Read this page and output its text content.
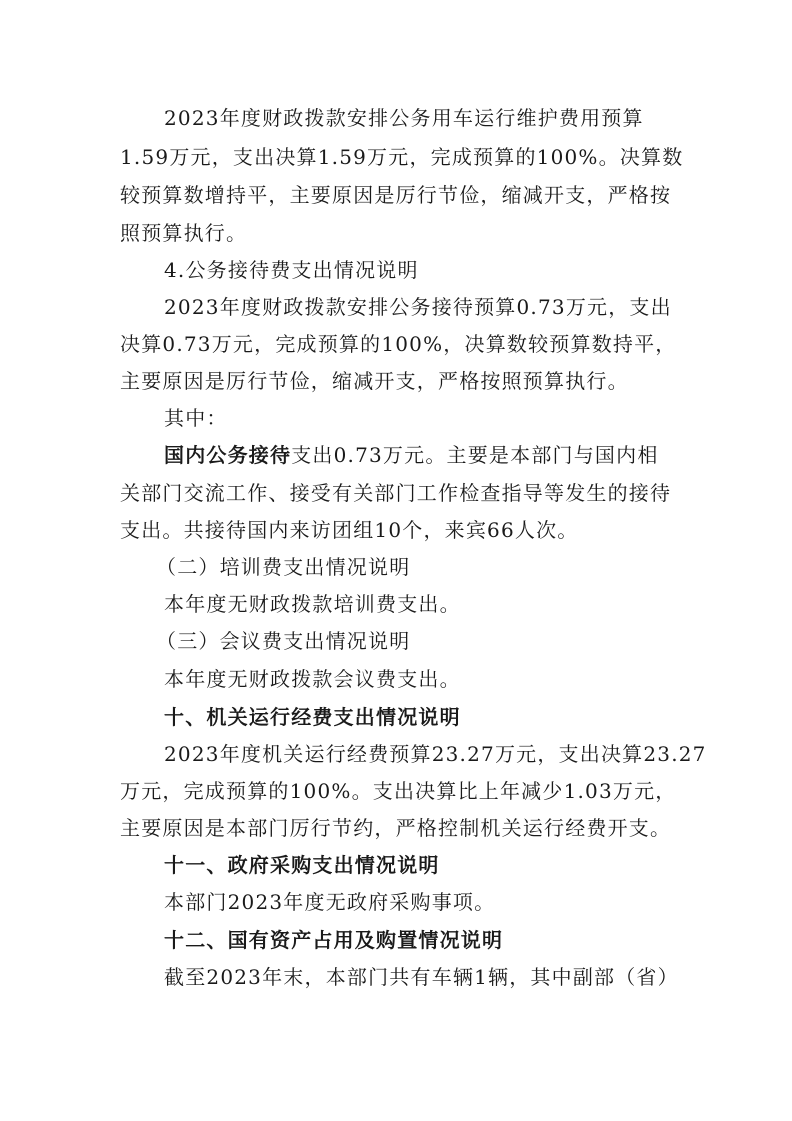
2023年度财政拨款安排公务用车运行维护费用预算
1.59万元，支出决算1.59万元，完成预算的100%。决算数
较预算数增持平，主要原因是厉行节俭，缩减开支，严格按
照预算执行。
4.公务接待费支出情况说明
2023年度财政拨款安排公务接待预算0.73万元，支出
决算0.73万元，完成预算的100%，决算数较预算数持平，
主要原因是厉行节俭，缩减开支，严格按照预算执行。
其中：
国内公务接待支出0.73万元。主要是本部门与国内相
关部门交流工作、接受有关部门工作检查指导等发生的接待
支出。共接待国内来访团组10个，来宾66人次。
（二）培训费支出情况说明
本年度无财政拨款培训费支出。
（三）会议费支出情况说明
本年度无财政拨款会议费支出。
十、机关运行经费支出情况说明
2023年度机关运行经费预算23.27万元，支出决算23.27
万元，完成预算的100%。支出决算比上年减少1.03万元，
主要原因是本部门厉行节约，严格控制机关运行经费开支。
十一、政府采购支出情况说明
本部门2023年度无政府采购事项。
十二、国有资产占用及购置情况说明
截至2023年末，本部门共有车辆1辆，其中副部（省）
